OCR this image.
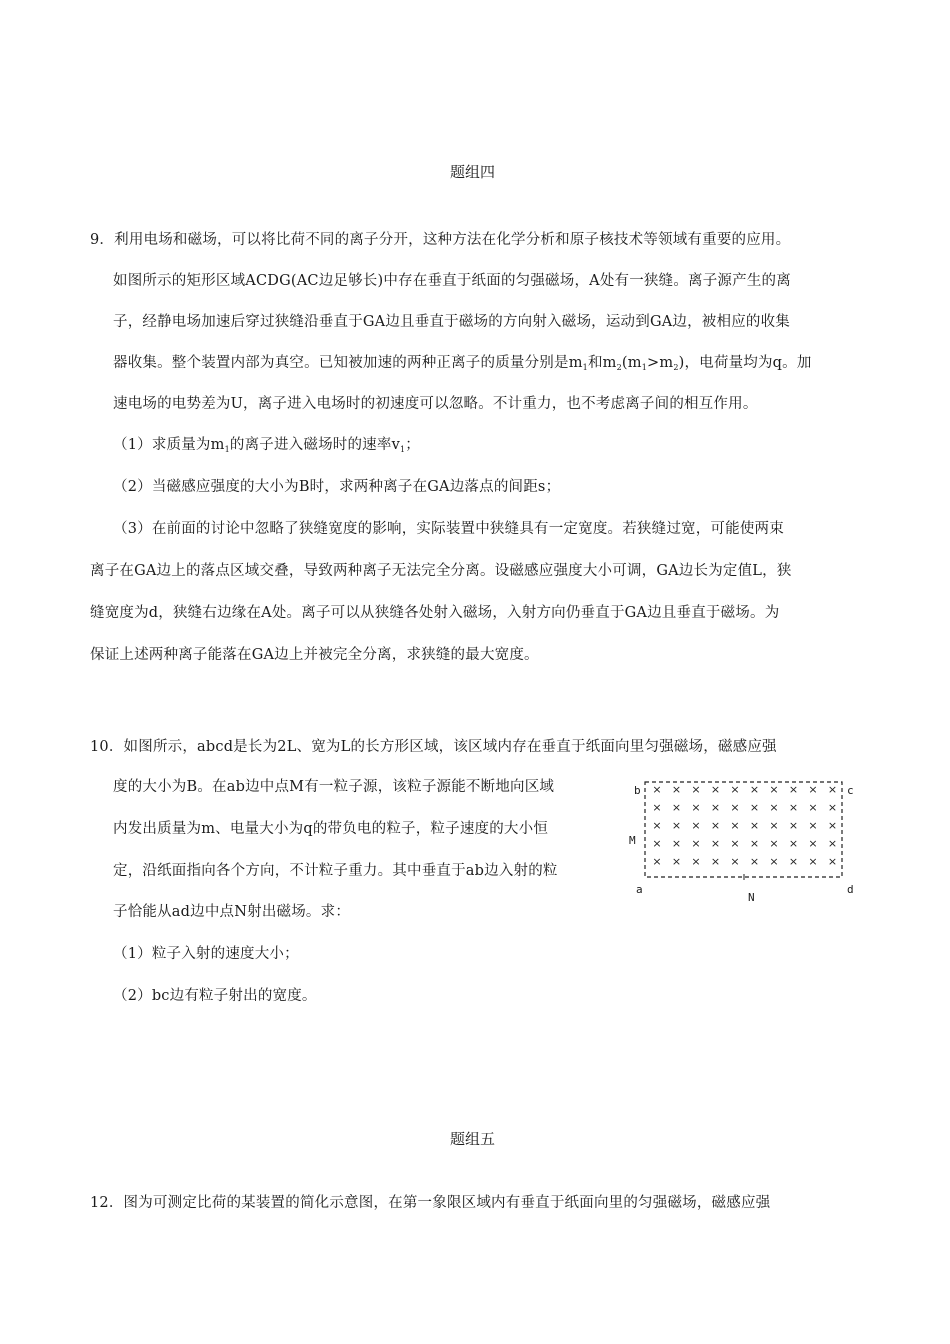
题组四
9．利用电场和磁场，可以将比荷不同的离子分开，这种方法在化学分析和原子核技术等领域有重要的应用。
如图所示的矩形区域ACDG(AC边足够长)中存在垂直于纸面的匀强磁场，A处有一狭缝。离子源产生的离
子，经静电场加速后穿过狭缝沿垂直于GA边且垂直于磁场的方向射入磁场，运动到GA边，被相应的收集
器收集。整个装置内部为真空。已知被加速的两种正离子的质量分别是$m_1$和$m_2(m_1>m_2)$，电荷量均为q。加
速电场的电势差为U，离子进入电场时的初速度可以忽略。不计重力，也不考虑离子间的相互作用。
（1）求质量为$m_1$的离子进入磁场时的速率$v_1$；
（2）当磁感应强度的大小为B时，求两种离子在GA边落点的间距s；
（3）在前面的讨论中忽略了狭缝宽度的影响，实际装置中狭缝具有一定宽度。若狭缝过宽，可能使两束
离子在GA边上的落点区域交叠，导致两种离子无法完全分离。设磁感应强度大小可调，GA边长为定值L，狭
缝宽度为d，狭缝右边缘在A处。离子可以从狭缝各处射入磁场，入射方向仍垂直于GA边且垂直于磁场。为
保证上述两种离子能落在GA边上并被完全分离，求狭缝的最大宽度。
10．如图所示，abcd是长为2L、宽为L的长方形区域，该区域内存在垂直于纸面向里匀强磁场，磁感应强
度的大小为B。在ab边中点M有一粒子源，该粒子源能不断地向区域
内发出质量为m、电量大小为q的带负电的粒子，粒子速度的大小恒
定，沿纸面指向各个方向，不计粒子重力。其中垂直于ab边入射的粒
子恰能从ad边中点N射出磁场。求：
（1）粒子入射的速度大小；
（2）bc边有粒子射出的宽度。
× × × × × × × × × ×
× × × × × × × × × ×
× × × × × × × × × ×
× × × × × × × × × ×
× × × × × × × × × ×
b	c
M
a
N
d
题组五
12．图为可测定比荷的某装置的简化示意图，在第一象限区域内有垂直于纸面向里的匀强磁场，磁感应强
